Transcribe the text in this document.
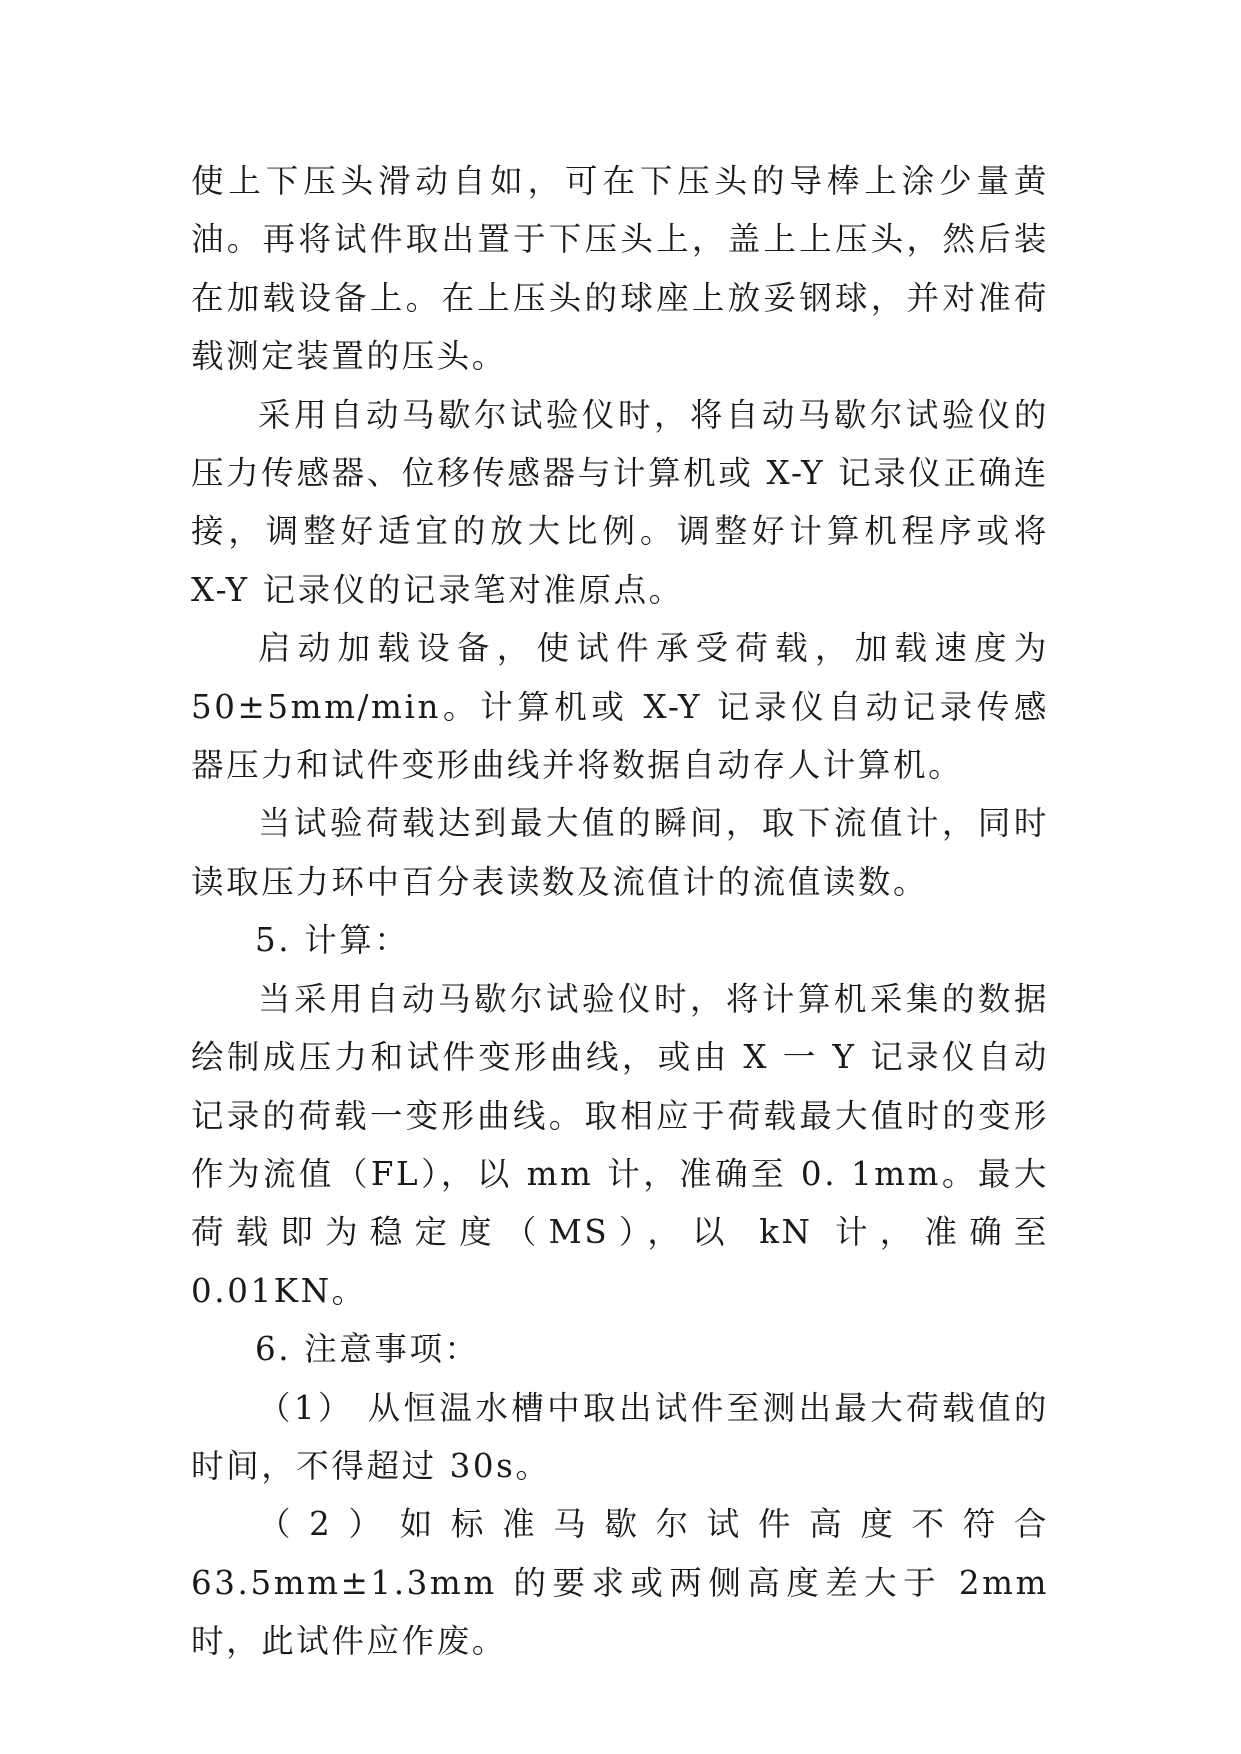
使上下压头滑动自如，可在下压头的导棒上涂少量黄油。再将试件取出置于下压头上，盖上上压头，然后装在加载设备上。在上压头的球座上放妥钢球，并对准荷载测定装置的压头。

采用自动马歇尔试验仪时，将自动马歇尔试验仪的压力传感器、位移传感器与计算机或 X-Y 记录仪正确连接，调整好适宜的放大比例。调整好计算机程序或将 X-Y 记录仪的记录笔对准原点。

启动加载设备，使试件承受荷载，加载速度为 50±5mm/min。计算机或 X-Y 记录仪自动记录传感器压力和试件变形曲线并将数据自动存人计算机。

当试验荷载达到最大值的瞬间，取下流值计，同时读取压力环中百分表读数及流值计的流值读数。

5. 计算：

当采用自动马歇尔试验仪时，将计算机采集的数据绘制成压力和试件变形曲线，或由 X 一 Y 记录仪自动记录的荷载一变形曲线。取相应于荷载最大值时的变形作为流值（FL），以 mm 计，准确至 0. 1mm。最大荷载即为稳定度（MS），以 kN 计，准确至 0.01KN。

6. 注意事项：

（1） 从恒温水槽中取出试件至测出最大荷载值的时间，不得超过 30s。

（2）如标准马歇尔试件高度不符合 63.5mm±1.3mm 的要求或两侧高度差大于 2mm 时，此试件应作废。
